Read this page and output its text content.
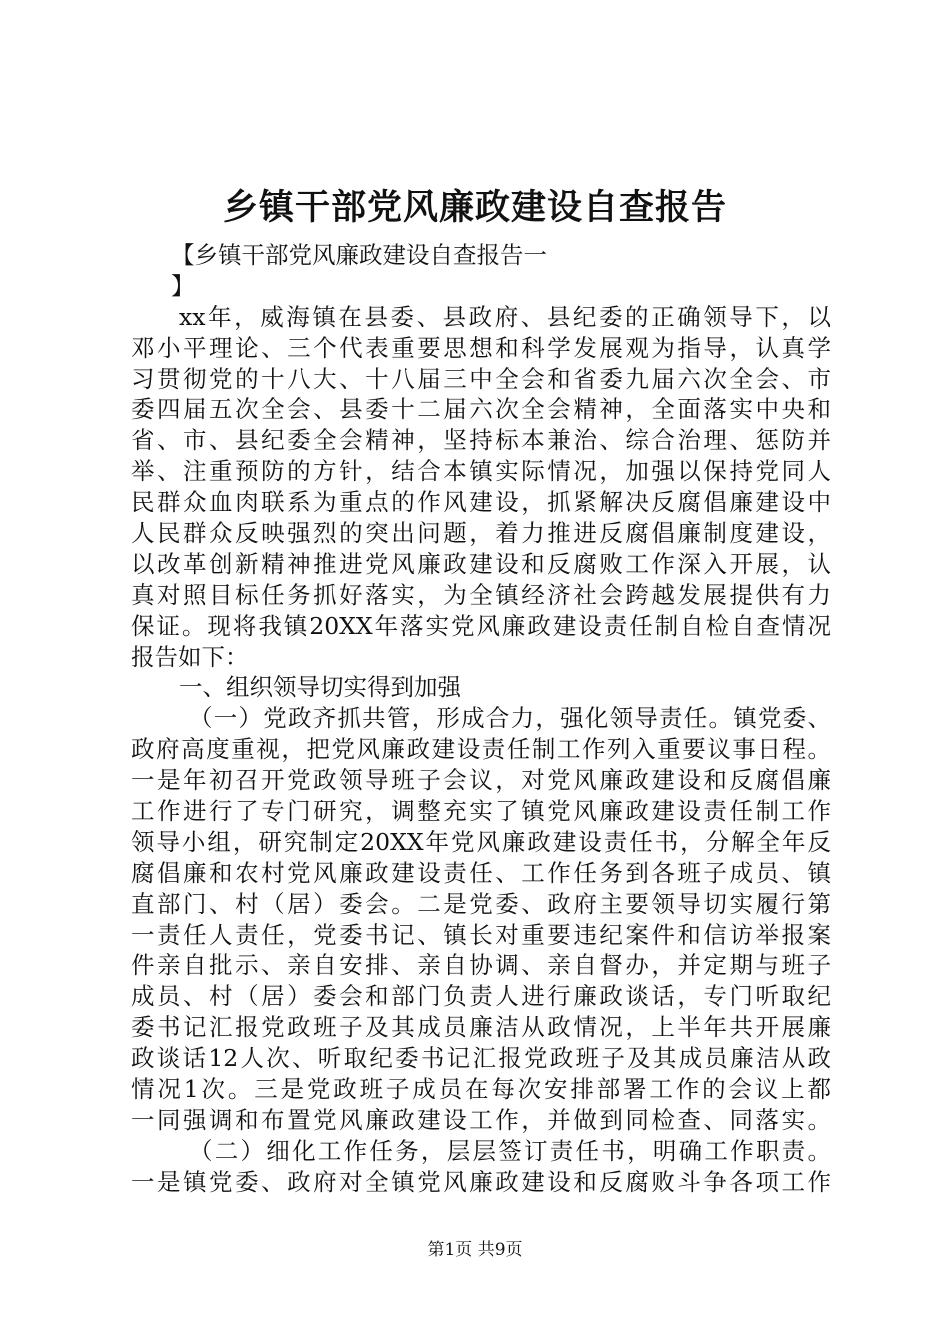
乡镇干部党风廉政建设自查报告
【乡镇干部党风廉政建设自查报告一
】
xx年，威海镇在县委、县政府、县纪委的正确领导下，以
邓小平理论、三个代表重要思想和科学发展观为指导，认真学
习贯彻党的十八大、十八届三中全会和省委九届六次全会、市
委四届五次全会、县委十二届六次全会精神，全面落实中央和
省、市、县纪委全会精神，坚持标本兼治、综合治理、惩防并
举、注重预防的方针，结合本镇实际情况，加强以保持党同人
民群众血肉联系为重点的作风建设，抓紧解决反腐倡廉建设中
人民群众反映强烈的突出问题，着力推进反腐倡廉制度建设，
以改革创新精神推进党风廉政建设和反腐败工作深入开展，认
真对照目标任务抓好落实，为全镇经济社会跨越发展提供有力
保证。现将我镇20XX年落实党风廉政建设责任制自检自查情况
报告如下：
一、组织领导切实得到加强
（一）党政齐抓共管，形成合力，强化领导责任。镇党委、
政府高度重视，把党风廉政建设责任制工作列入重要议事日程。
一是年初召开党政领导班子会议，对党风廉政建设和反腐倡廉
工作进行了专门研究，调整充实了镇党风廉政建设责任制工作
领导小组，研究制定20XX年党风廉政建设责任书，分解全年反
腐倡廉和农村党风廉政建设责任、工作任务到各班子成员、镇
直部门、村（居）委会。二是党委、政府主要领导切实履行第
一责任人责任，党委书记、镇长对重要违纪案件和信访举报案
件亲自批示、亲自安排、亲自协调、亲自督办，并定期与班子
成员、村（居）委会和部门负责人进行廉政谈话，专门听取纪
委书记汇报党政班子及其成员廉洁从政情况，上半年共开展廉
政谈话12人次、听取纪委书记汇报党政班子及其成员廉洁从政
情况1次。三是党政班子成员在每次安排部署工作的会议上都
一同强调和布置党风廉政建设工作，并做到同检查、同落实。
（二）细化工作任务，层层签订责任书，明确工作职责。
一是镇党委、政府对全镇党风廉政建设和反腐败斗争各项工作
第1页 共9页
